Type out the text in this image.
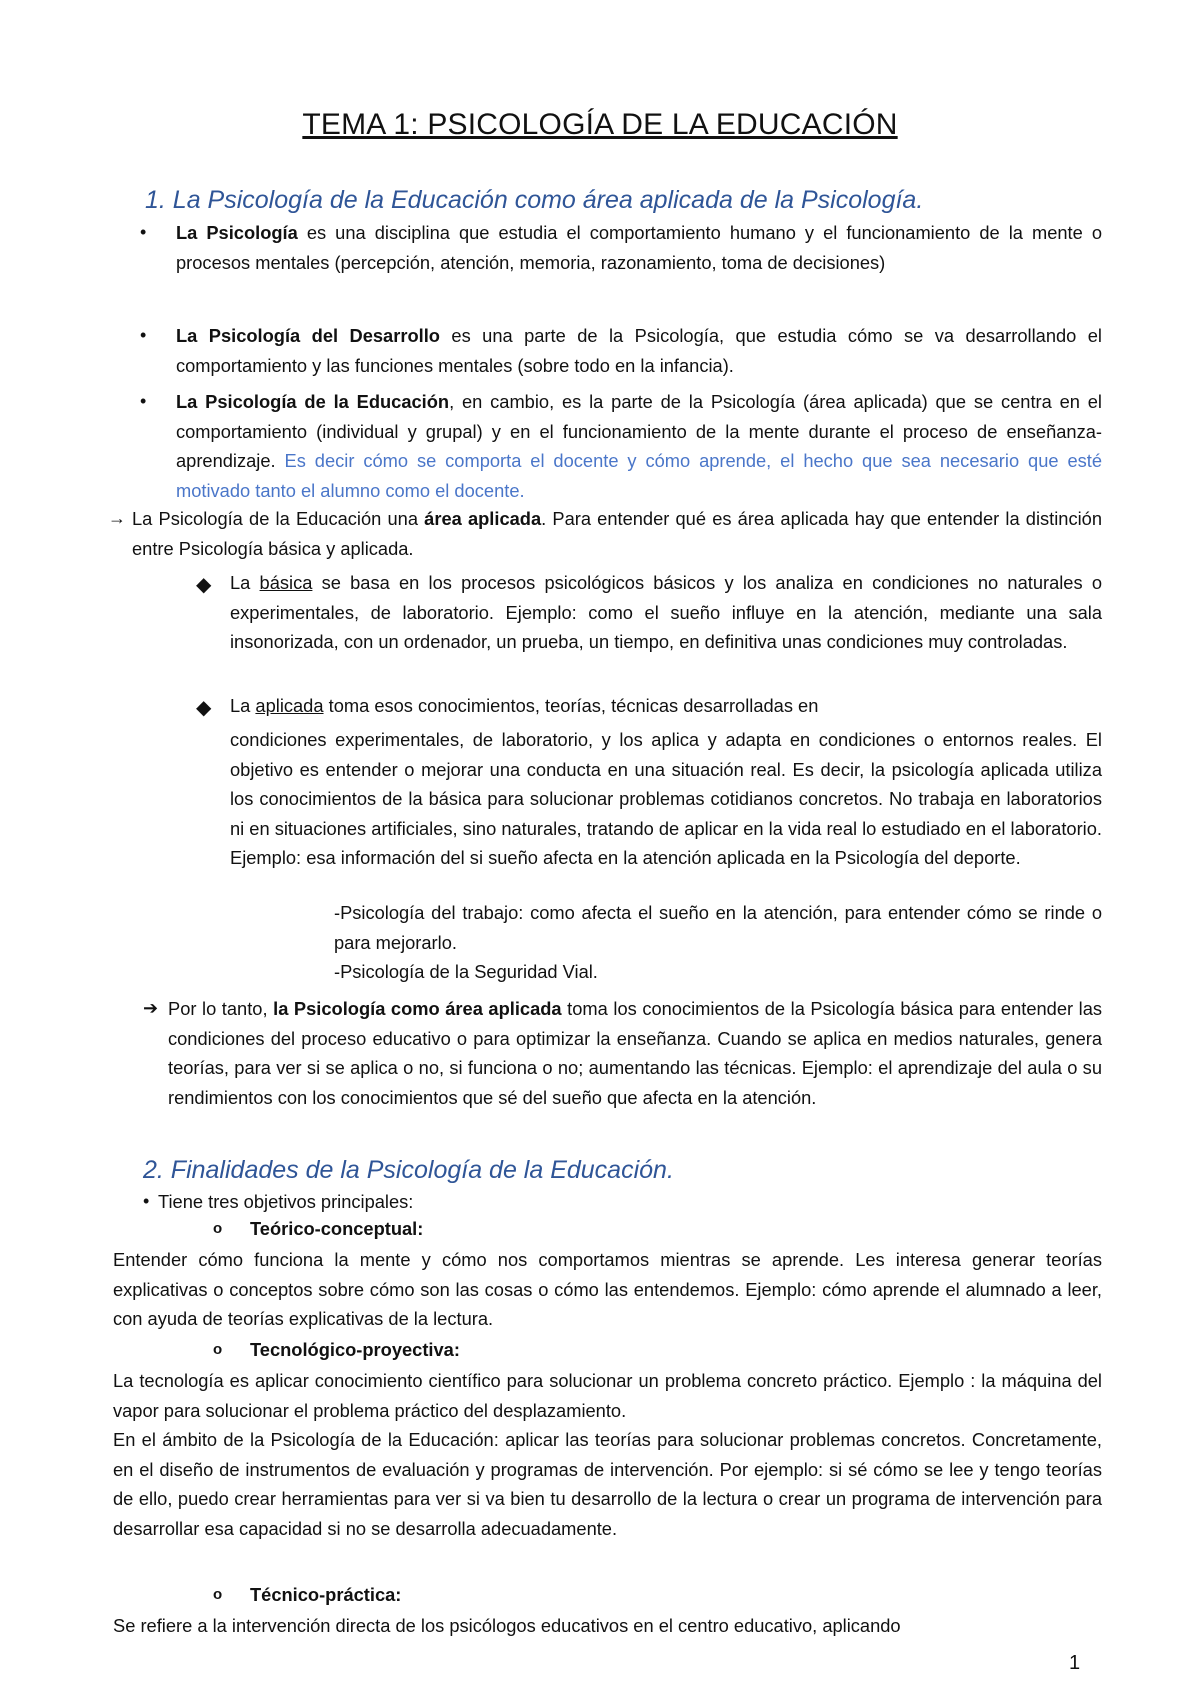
TEMA 1: PSICOLOGÍA DE LA EDUCACIÓN
1. La Psicología de la Educación como área aplicada de la Psicología.
• La Psicología es una disciplina que estudia el comportamiento humano y el funcionamiento de la mente o procesos mentales (percepción, atención, memoria, razonamiento, toma de decisiones)

• La Psicología del Desarrollo es una parte de la Psicología, que estudia cómo se va desarrollando el comportamiento y las funciones mentales (sobre todo en la infancia).

• La Psicología de la Educación, en cambio, es la parte de la Psicología (área aplicada) que se centra en el comportamiento (individual y grupal) y en el funcionamiento de la mente durante el proceso de enseñanza-aprendizaje. Es decir cómo se comporta el docente y cómo aprende, el hecho que sea necesario que esté motivado tanto el alumno como el docente.

→ La Psicología de la Educación una área aplicada. Para entender qué es área aplicada hay que entender la distinción entre Psicología básica y aplicada.

◆ La básica se basa en los procesos psicológicos básicos y los analiza en condiciones no naturales o experimentales, de laboratorio. Ejemplo: como el sueño influye en la atención, mediante una sala insonorizada, con un ordenador, un prueba, un tiempo, en definitiva unas condiciones muy controladas.

◆ La aplicada toma esos conocimientos, teorías, técnicas desarrolladas en

condiciones experimentales, de laboratorio, y los aplica y adapta en condiciones o entornos reales. El objetivo es entender o mejorar una conducta en una situación real. Es decir, la psicología aplicada utiliza los conocimientos de la básica para solucionar problemas cotidianos concretos. No trabaja en laboratorios ni en situaciones artificiales, sino naturales, tratando de aplicar en la vida real lo estudiado en el laboratorio. Ejemplo: esa información del si sueño afecta en la atención aplicada en la Psicología del deporte.

-Psicología del trabajo: como afecta el sueño en la atención, para entender cómo se rinde o para mejorarlo.

-Psicología de la Seguridad Vial.

➔ Por lo tanto, la Psicología como área aplicada toma los conocimientos de la Psicología básica para entender las condiciones del proceso educativo o para optimizar la enseñanza. Cuando se aplica en medios naturales, genera teorías, para ver si se aplica o no, si funciona o no; aumentando las técnicas. Ejemplo: el aprendizaje del aula o su rendimientos con los conocimientos que sé del sueño que afecta en la atención.

2. Finalidades de la Psicología de la Educación.
• Tiene tres objetivos principales:

o Teórico-conceptual:

Entender cómo funciona la mente y cómo nos comportamos mientras se aprende. Les interesa generar teorías explicativas o conceptos sobre cómo son las cosas o cómo las entendemos. Ejemplo: cómo aprende el alumnado a leer, con ayuda de teorías explicativas de la lectura.

o Tecnológico-proyectiva:

La tecnología es aplicar conocimiento científico para solucionar un problema concreto práctico. Ejemplo : la máquina del vapor para solucionar el problema práctico del desplazamiento.

En el ámbito de la Psicología de la Educación: aplicar las teorías para solucionar problemas concretos. Concretamente, en el diseño de instrumentos de evaluación y programas de intervención. Por ejemplo: si sé cómo se lee y tengo teorías de ello, puedo crear herramientas para ver si va bien tu desarrollo de la lectura o crear un programa de intervención para desarrollar esa capacidad si no se desarrolla adecuadamente.

o Técnico-práctica:

Se refiere a la intervención directa de los psicólogos educativos en el centro educativo, aplicando

1
